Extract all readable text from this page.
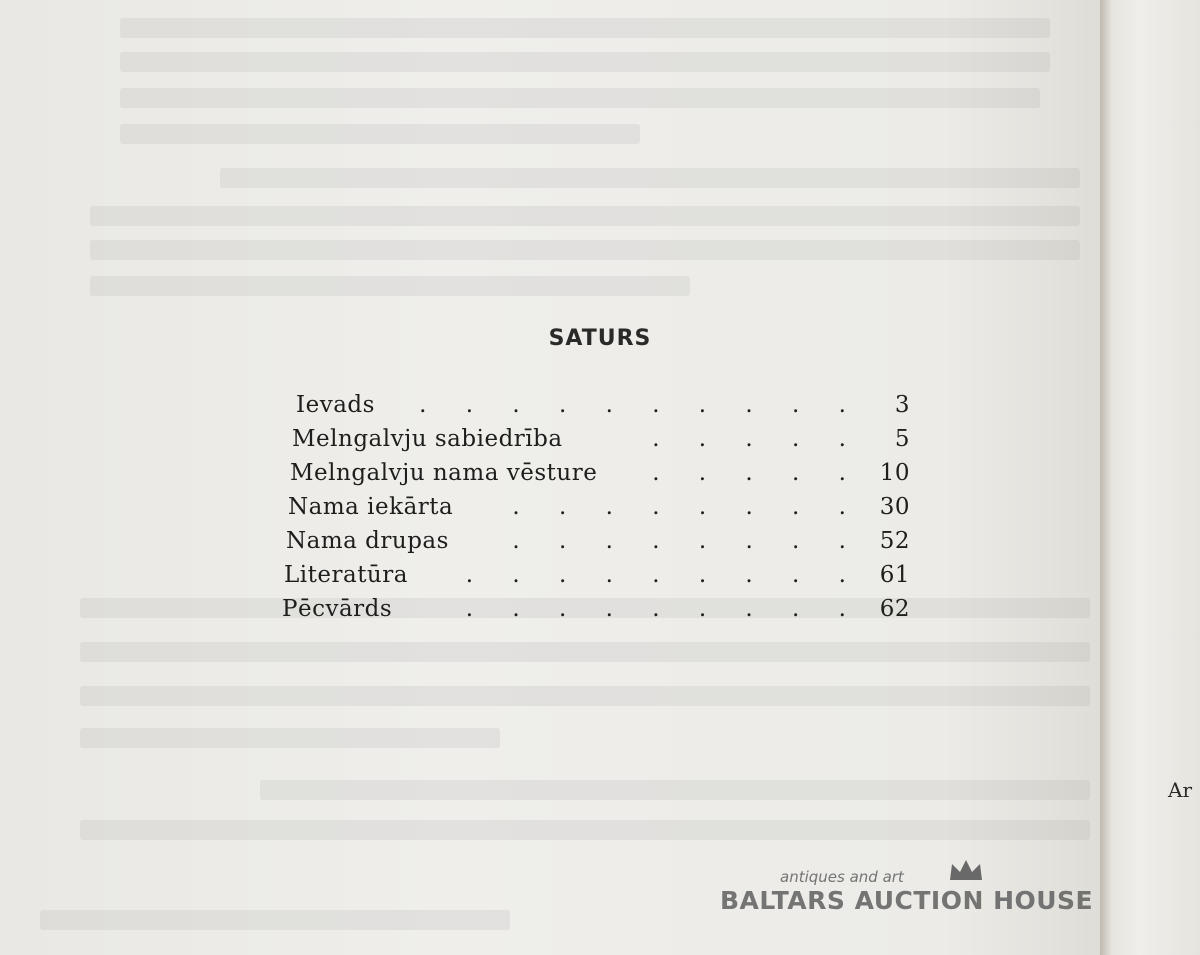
SATURS
Ievads . . . . . . . . . . 3
Melngalvju sabiedrība	. . . . . 5
Melngalvju nama vēsture . . . . . 10
Nama iekārta	. . . . . . . . 30
Nama drupas	. . . . . . . . 52
Literatūra	. . . . . . . . . 61
Pēcvārds	. . . . . . . . . 62
Ar
antiques and art
BALTARS AUCTION HOUSE
